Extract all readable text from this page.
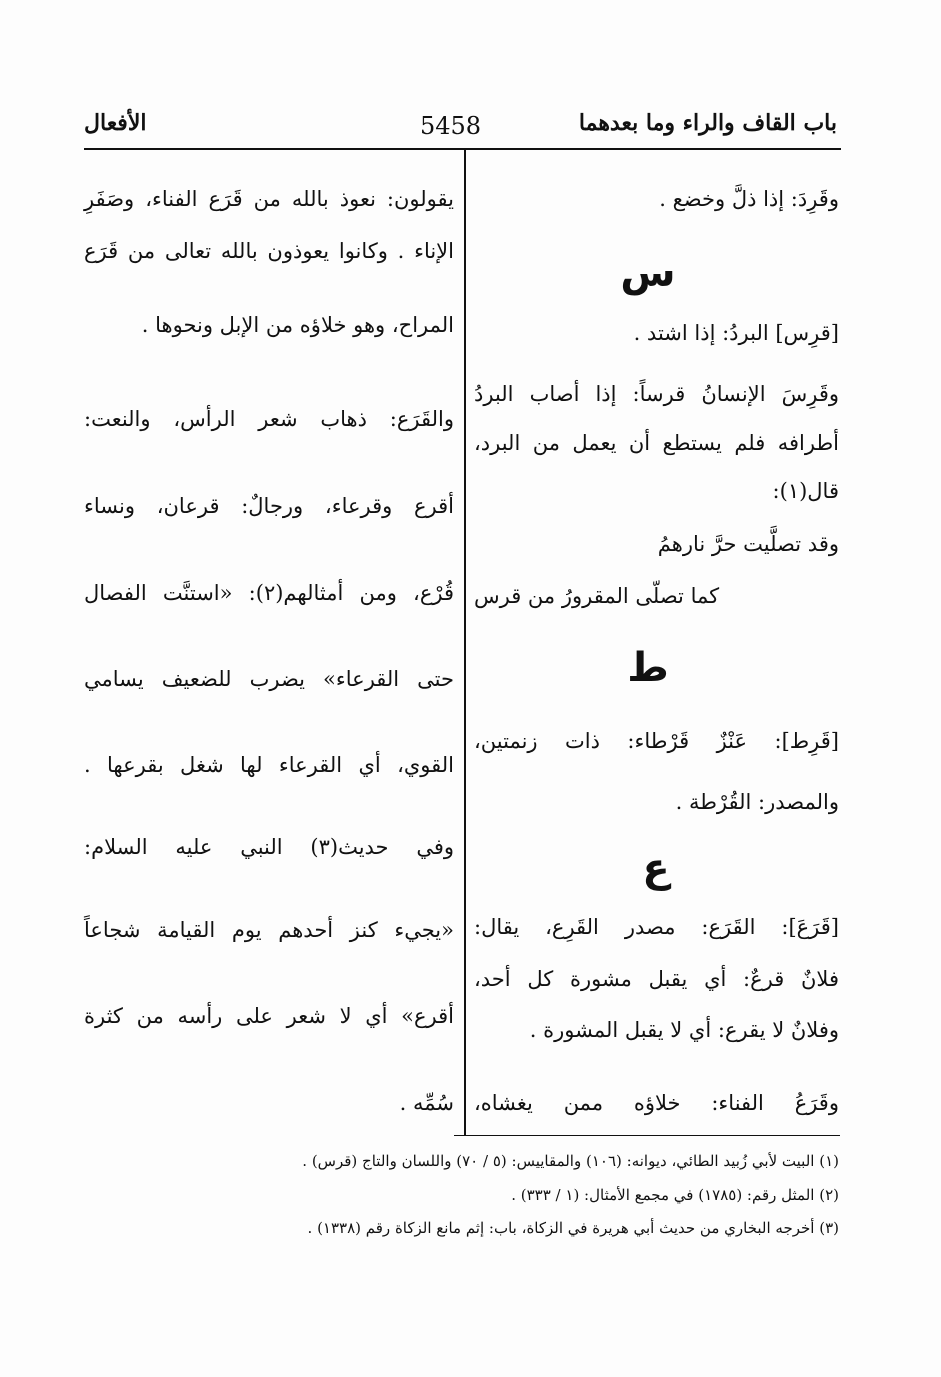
باب القاف والراء وما بعدهما
5458
الأفعال
وقَرِدَ: إذا ذلَّ وخضع .
س
[قرِس] البردُ: إذا اشتد .
وقَرِسَ الإنسانُ قرساً: إذا أصاب البردُ
أطرافه فلم يستطع أن يعمل من البرد،
قال(١):
وقد تصلَّيت حرَّ نارهمُ
كما تصلّى المقرورُ من قرس
ط
[قَرِط]: عَنْزٌ قَرْطاء: ذات زنمتين،
والمصدر: القُرْطة .
ع
[قَرَعَ]: القَرَع: مصدر القَرِع، يقال:
فلانٌ قرعٌ: أي يقبل مشورة كل أحد،
وفلانٌ لا يقرع: أي لا يقبل المشورة .
وقَرَعُ الفناء: خلاؤه ممن يغشاه،
يقولون: نعوذ بالله من قَرَع الفناء، وصَفَرِ
الإناء . وكانوا يعوذون بالله تعالى من قَرَع
المراح، وهو خلاؤه من الإبل ونحوها .
والقَرَع: ذهاب شعر الرأس، والنعت:
أقرع وقرعاء، ورجالٌ: قرعان، ونساء
قُرْع، ومن أمثالهم(٢): «استنَّت الفصال
حتى القرعاء» يضرب للضعيف يسامي
القوي، أي القرعاء لها شغل بقرعها .
وفي حديث(٣) النبي عليه السلام:
«يجيء كنز أحدهم يوم القيامة شجاعاً
أقرع» أي لا شعر على رأسه من كثرة
سُمِّه .
(١) البيت لأبي زُبيد الطائي، ديوانه: (١٠٦) والمقاييس: (٥ / ٧٠) واللسان والتاج (قرس) .
(٢) المثل رقم: (١٧٨٥) في مجمع الأمثال: (١ / ٣٣٣) .
(٣) أخرجه البخاري من حديث أبي هريرة في الزكاة، باب: إثم مانع الزكاة رقم (١٣٣٨) .
